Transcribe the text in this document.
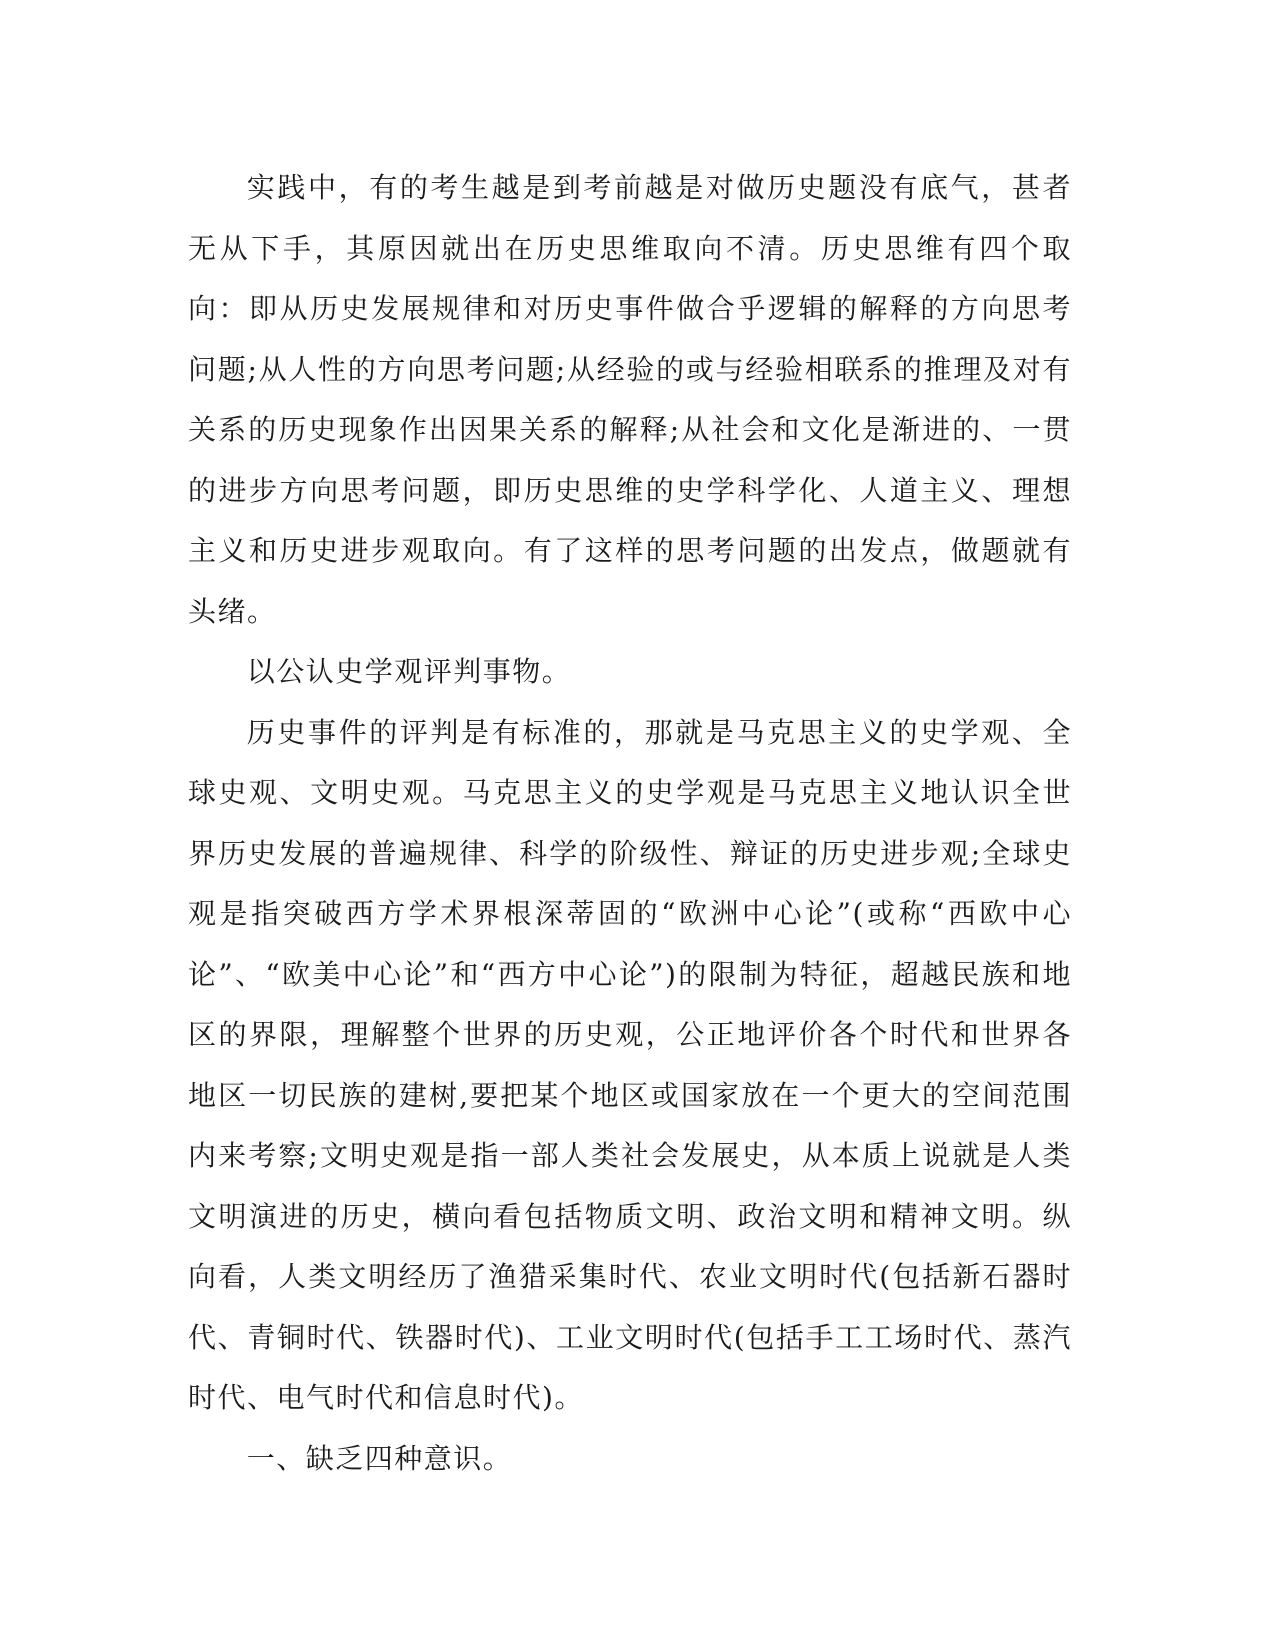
实践中，有的考生越是到考前越是对做历史题没有底气，甚者无从下手，其原因就出在历史思维取向不清。历史思维有四个取向：即从历史发展规律和对历史事件做合乎逻辑的解释的方向思考问题;从人性的方向思考问题;从经验的或与经验相联系的推理及对有关系的历史现象作出因果关系的解释;从社会和文化是渐进的、一贯的进步方向思考问题，即历史思维的史学科学化、人道主义、理想主义和历史进步观取向。有了这样的思考问题的出发点，做题就有头绪。

以公认史学观评判事物。

历史事件的评判是有标准的，那就是马克思主义的史学观、全球史观、文明史观。马克思主义的史学观是马克思主义地认识全世界历史发展的普遍规律、科学的阶级性、辩证的历史进步观;全球史观是指突破西方学术界根深蒂固的“欧洲中心论”(或称“西欧中心论”、“欧美中心论”和“西方中心论”)的限制为特征，超越民族和地区的界限，理解整个世界的历史观，公正地评价各个时代和世界各地区一切民族的建树,要把某个地区或国家放在一个更大的空间范围内来考察;文明史观是指一部人类社会发展史，从本质上说就是人类文明演进的历史，横向看包括物质文明、政治文明和精神文明。纵向看，人类文明经历了渔猎采集时代、农业文明时代(包括新石器时代、青铜时代、铁器时代)、工业文明时代(包括手工工场时代、蒸汽时代、电气时代和信息时代)。

一、缺乏四种意识。
